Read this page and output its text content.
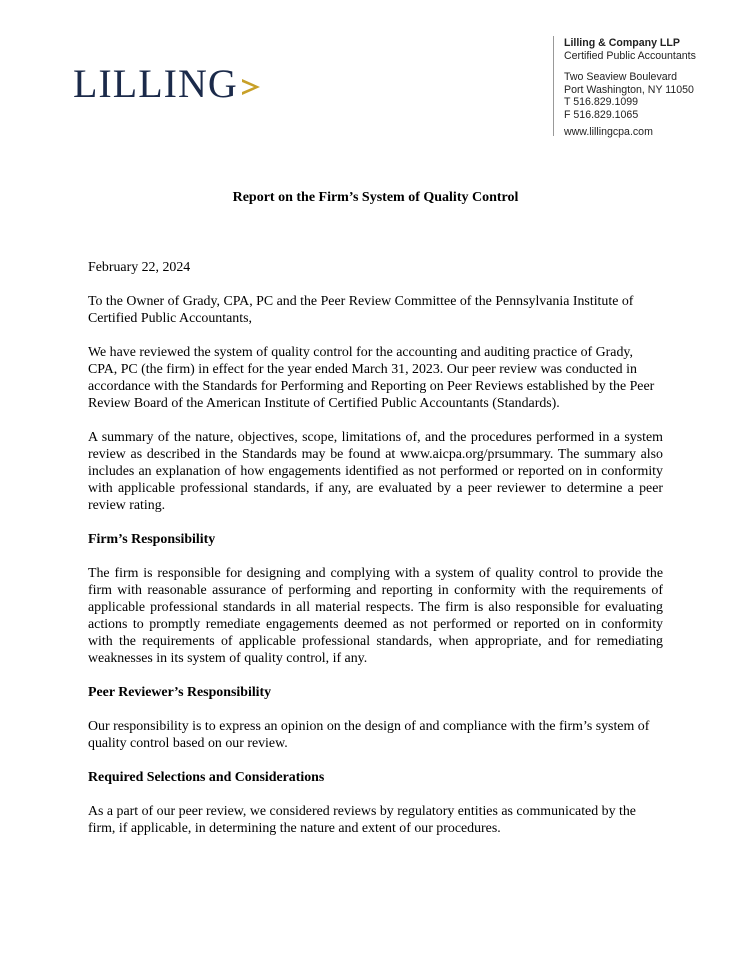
LILLING
Lilling & Company LLP
Certified Public Accountants
Two Seaview Boulevard
Port Washington, NY 11050
T 516.829.1099
F 516.829.1065
www.lillingcpa.com
Report on the Firm’s System of Quality Control

February 22, 2024

To the Owner of Grady, CPA, PC and the Peer Review Committee of the Pennsylvania Institute of Certified Public Accountants,

We have reviewed the system of quality control for the accounting and auditing practice of Grady, CPA, PC (the firm) in effect for the year ended March 31, 2023. Our peer review was conducted in accordance with the Standards for Performing and Reporting on Peer Reviews established by the Peer Review Board of the American Institute of Certified Public Accountants (Standards).

A summary of the nature, objectives, scope, limitations of, and the procedures performed in a system review as described in the Standards may be found at www.aicpa.org/prsummary. The summary also includes an explanation of how engagements identified as not performed or reported on in conformity with applicable professional standards, if any, are evaluated by a peer reviewer to determine a peer review rating.

Firm’s Responsibility

The firm is responsible for designing and complying with a system of quality control to provide the firm with reasonable assurance of performing and reporting in conformity with the requirements of applicable professional standards in all material respects. The firm is also responsible for evaluating actions to promptly remediate engagements deemed as not performed or reported on in conformity with the requirements of applicable professional standards, when appropriate, and for remediating weaknesses in its system of quality control, if any.

Peer Reviewer’s Responsibility

Our responsibility is to express an opinion on the design of and compliance with the firm’s system of quality control based on our review.

Required Selections and Considerations

As a part of our peer review, we considered reviews by regulatory entities as communicated by the firm, if applicable, in determining the nature and extent of our procedures.
